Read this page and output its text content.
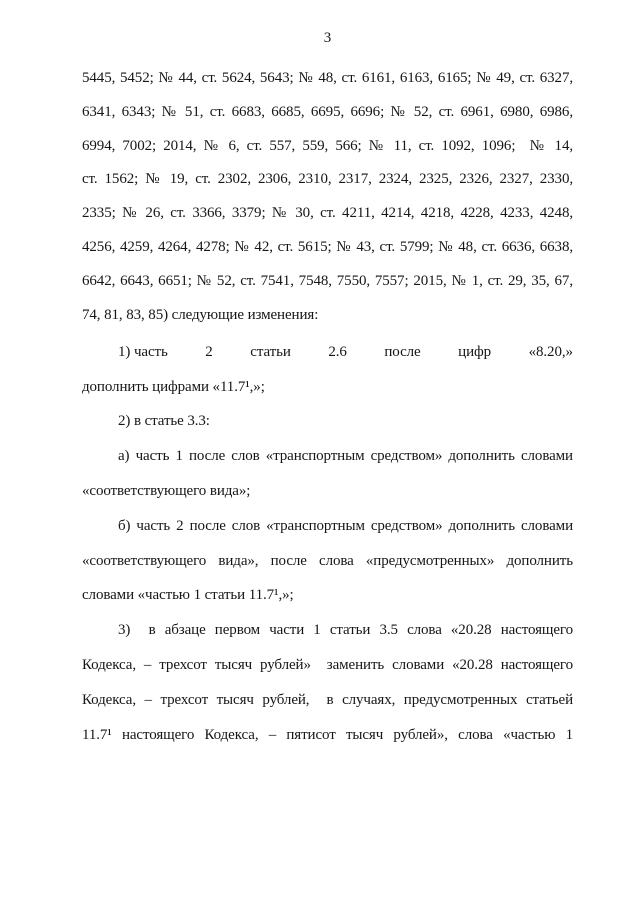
3
5445, 5452; № 44, ст. 5624, 5643; № 48, ст. 6161, 6163, 6165; № 49, ст. 6327,
6341, 6343; № 51, ст. 6683, 6685, 6695, 6696; № 52, ст. 6961, 6980, 6986,
6994, 7002; 2014, № 6, ст. 557, 559, 566; № 11, ст. 1092, 1096;  № 14,
ст. 1562; № 19, ст. 2302, 2306, 2310, 2317, 2324, 2325, 2326, 2327, 2330,
2335; № 26, ст. 3366, 3379; № 30, ст. 4211, 4214, 4218, 4228, 4233, 4248,
4256, 4259, 4264, 4278; № 42, ст. 5615; № 43, ст. 5799; № 48, ст. 6636, 6638,
6642, 6643, 6651; № 52, ст. 7541, 7548, 7550, 7557; 2015, № 1, ст. 29, 35, 67,
74, 81, 83, 85) следующие изменения:
1) часть	2	статьи	2.6	после	цифр	«8.20,»
дополнить цифрами «11.7¹,»;
2) в статье 3.3:
а) часть 1 после слов «транспортным средством» дополнить словами
«соответствующего вида»;
б) часть 2 после слов «транспортным средством» дополнить словами
«соответствующего вида», после слова «предусмотренных» дополнить
словами «частью 1 статьи 11.7¹,»;
3)  в абзаце первом части 1 статьи 3.5 слова «20.28 настоящего
Кодекса, – трехсот тысяч рублей»  заменить словами «20.28 настоящего
Кодекса, – трехсот тысяч рублей,  в случаях, предусмотренных статьей
11.7¹ настоящего Кодекса, – пятисот тысяч рублей», слова «частью 1
